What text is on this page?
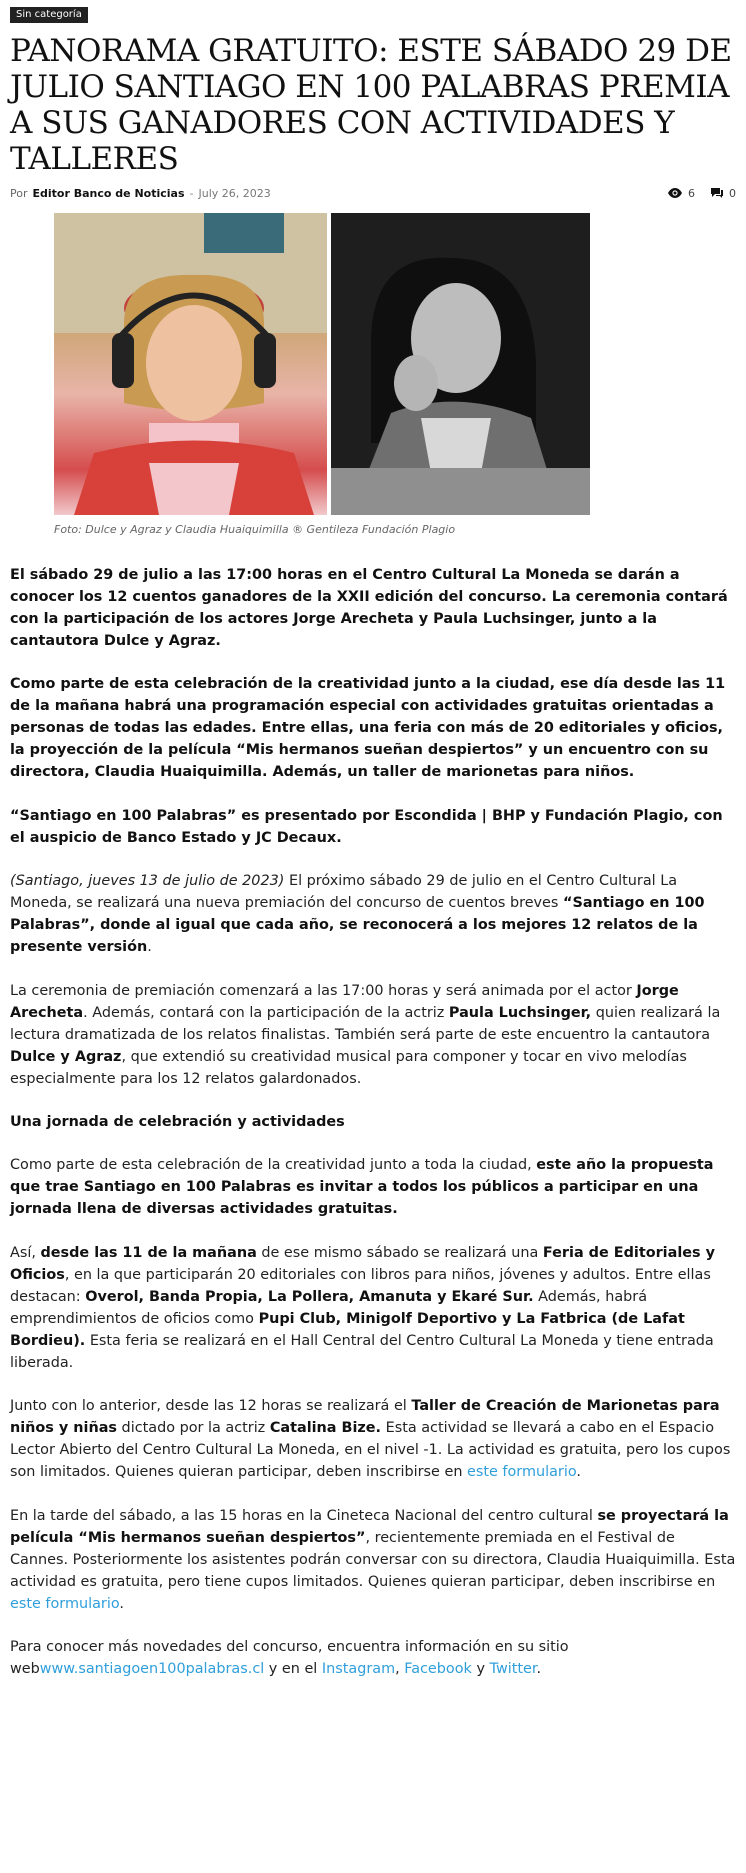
Sin categoría
PANORAMA GRATUITO: ESTE SÁBADO 29 DE JULIO SANTIAGO EN 100 PALABRAS PREMIA A SUS GANADORES CON ACTIVIDADES Y TALLERES
Por Editor Banco de Noticias - July 26, 2023	6	0
Foto: Dulce y Agraz y Claudia Huaiquimilla ® Gentileza Fundación Plagio

El sábado 29 de julio a las 17:00 horas en el Centro Cultural La Moneda se darán a conocer los 12 cuentos ganadores de la XXII edición del concurso. La ceremonia contará con la participación de los actores Jorge Arecheta y Paula Luchsinger, junto a la cantautora Dulce y Agraz.

Como parte de esta celebración de la creatividad junto a la ciudad, ese día desde las 11 de la mañana habrá una programación especial con actividades gratuitas orientadas a personas de todas las edades. Entre ellas, una feria con más de 20 editoriales y oficios, la proyección de la película “Mis hermanos sueñan despiertos” y un encuentro con su directora, Claudia Huaiquimilla. Además, un taller de marionetas para niños.

“Santiago en 100 Palabras” es presentado por Escondida | BHP y Fundación Plagio, con el auspicio de Banco Estado y JC Decaux.

(Santiago, jueves 13 de julio de 2023) El próximo sábado 29 de julio en el Centro Cultural La Moneda, se realizará una nueva premiación del concurso de cuentos breves “Santiago en 100 Palabras”, donde al igual que cada año, se reconocerá a los mejores 12 relatos de la presente versión.

La ceremonia de premiación comenzará a las 17:00 horas y será animada por el actor Jorge Arecheta. Además, contará con la participación de la actriz Paula Luchsinger, quien realizará la lectura dramatizada de los relatos finalistas. También será parte de este encuentro la cantautora Dulce y Agraz, que extendió su creatividad musical para componer y tocar en vivo melodías especialmente para los 12 relatos galardonados.

Una jornada de celebración y actividades

Como parte de esta celebración de la creatividad junto a toda la ciudad, este año la propuesta que trae Santiago en 100 Palabras es invitar a todos los públicos a participar en una jornada llena de diversas actividades gratuitas.

Así, desde las 11 de la mañana de ese mismo sábado se realizará una Feria de Editoriales y Oficios, en la que participarán 20 editoriales con libros para niños, jóvenes y adultos. Entre ellas destacan: Overol, Banda Propia, La Pollera, Amanuta y Ekaré Sur. Además, habrá emprendimientos de oficios como Pupi Club, Minigolf Deportivo y La Fatbrica (de Lafat Bordieu). Esta feria se realizará en el Hall Central del Centro Cultural La Moneda y tiene entrada liberada.

Junto con lo anterior, desde las 12 horas se realizará el Taller de Creación de Marionetas para niños y niñas dictado por la actriz Catalina Bize. Esta actividad se llevará a cabo en el Espacio Lector Abierto del Centro Cultural La Moneda, en el nivel -1. La actividad es gratuita, pero los cupos son limitados. Quienes quieran participar, deben inscribirse en este formulario.

En la tarde del sábado, a las 15 horas en la Cineteca Nacional del centro cultural se proyectará la película “Mis hermanos sueñan despiertos”, recientemente premiada en el Festival de Cannes. Posteriormente los asistentes podrán conversar con su directora, Claudia Huaiquimilla. Esta actividad es gratuita, pero tiene cupos limitados. Quienes quieran participar, deben inscribirse en este formulario.

Para conocer más novedades del concurso, encuentra información en su sitio webwww.santiagoen100palabras.cl y en el Instagram, Facebook y Twitter.
